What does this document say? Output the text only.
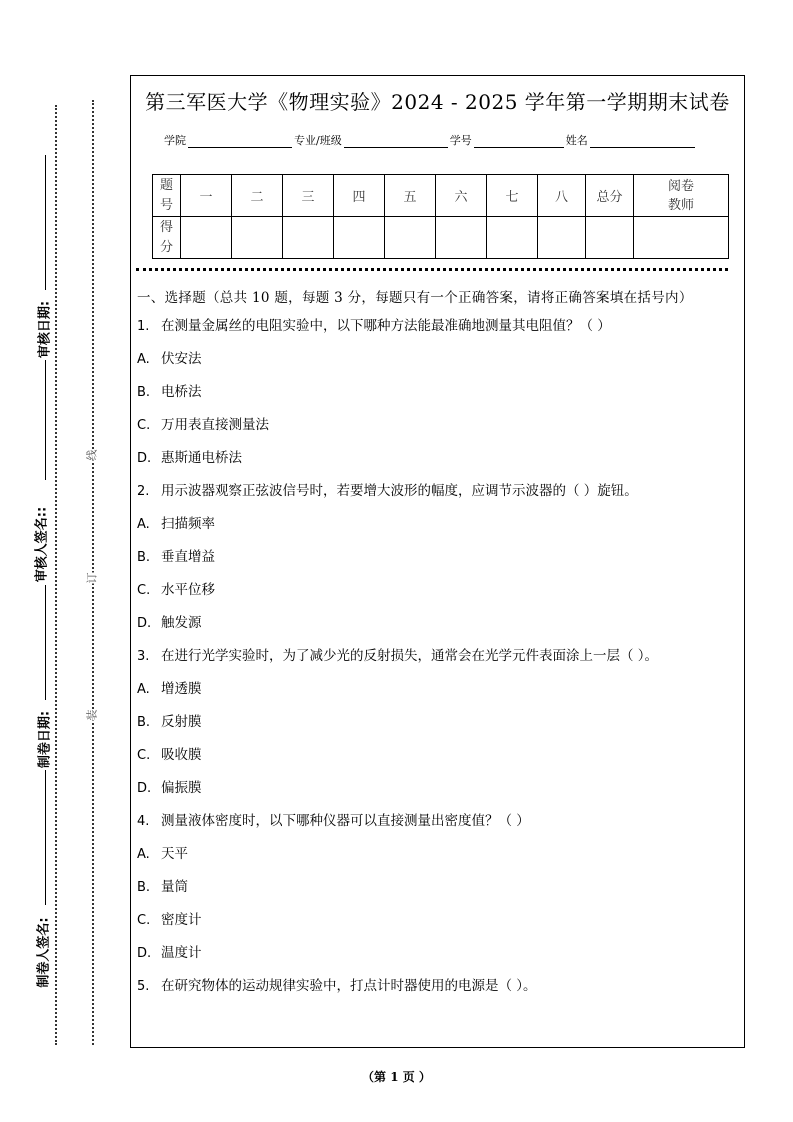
审核日期:
审核人签名::
制卷日期:
制卷人签名:
线
订
装
第三军医大学《物理实验》2024 - 2025 学年第一学期期末试卷
学院	专业/班级	学号	姓名
题号	一	二	三	四	五	六	七	八	总分	阅卷教师

得分										

一、选择题（总共 10 题，每题 3 分，每题只有一个正确答案，请将正确答案填在括号内）
1. 在测量金属丝的电阻实验中，以下哪种方法能最准确地测量其电阻值？（ ）
A. 伏安法
B. 电桥法
C. 万用表直接测量法
D. 惠斯通电桥法
2. 用示波器观察正弦波信号时，若要增大波形的幅度，应调节示波器的（ ）旋钮。
A. 扫描频率
B. 垂直增益
C. 水平位移
D. 触发源
3. 在进行光学实验时，为了减少光的反射损失，通常会在光学元件表面涂上一层（ ）。
A. 增透膜
B. 反射膜
C. 吸收膜
D. 偏振膜
4. 测量液体密度时，以下哪种仪器可以直接测量出密度值？（ ）
A. 天平
B. 量筒
C. 密度计
D. 温度计
5. 在研究物体的运动规律实验中，打点计时器使用的电源是（ ）。
（第 1 页 ）
